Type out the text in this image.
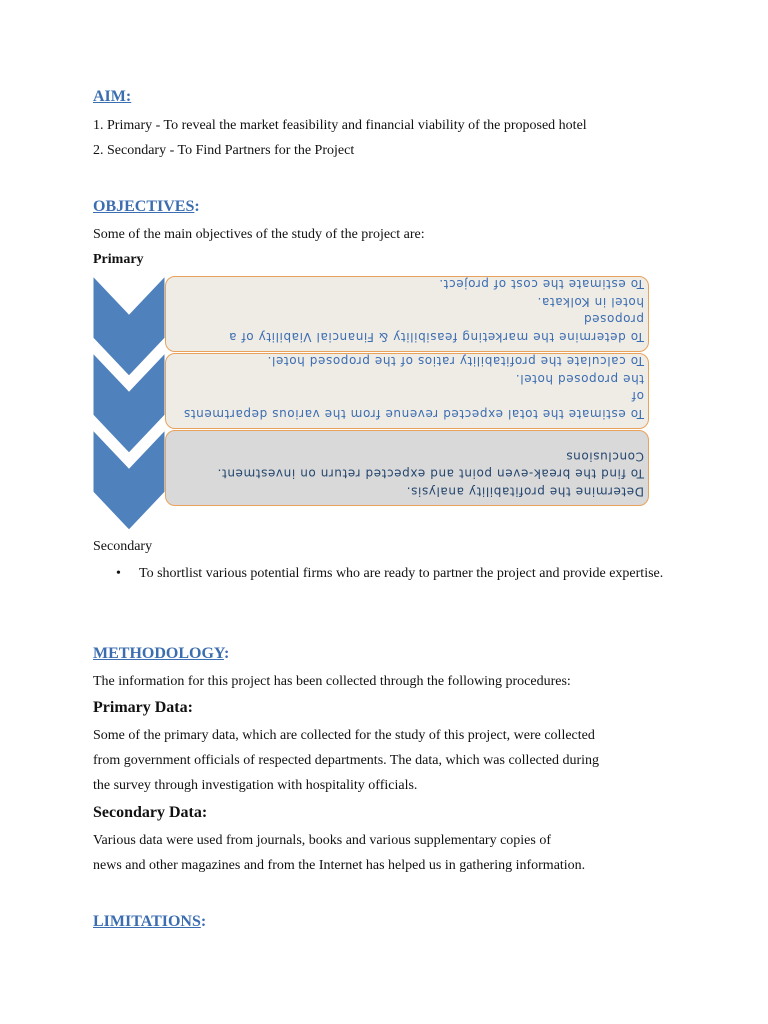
AIM:
1. Primary - To reveal the market feasibility and financial viability of the proposed hotel
2. Secondary - To Find Partners for the Project
OBJECTIVES:
Some of the main objectives of the study of the project are:
Primary
To determine the marketing feasibility & Financial Viability of a proposed
hotel in Kolkata.
To estimate the cost of project.
To estimate the total expected revenue from the various departments of
the proposed hotel.
To calculate the profitability ratios of the proposed hotel.
Determine the profitability analysis.
To find the break-even point and expected return on investment.
Conclusions
Secondary
• To shortlist various potential firms who are ready to partner the project and provide expertise.
METHODOLOGY:
The information for this project has been collected through the following procedures:
Primary Data:
Some of the primary data, which are collected for the study of this project, were collected
from government officials of respected departments. The data, which was collected during
the survey through investigation with hospitality officials.
Secondary Data:
Various data were used from journals, books and various supplementary copies of
news and other magazines and from the Internet has helped us in gathering information.
LIMITATIONS:
